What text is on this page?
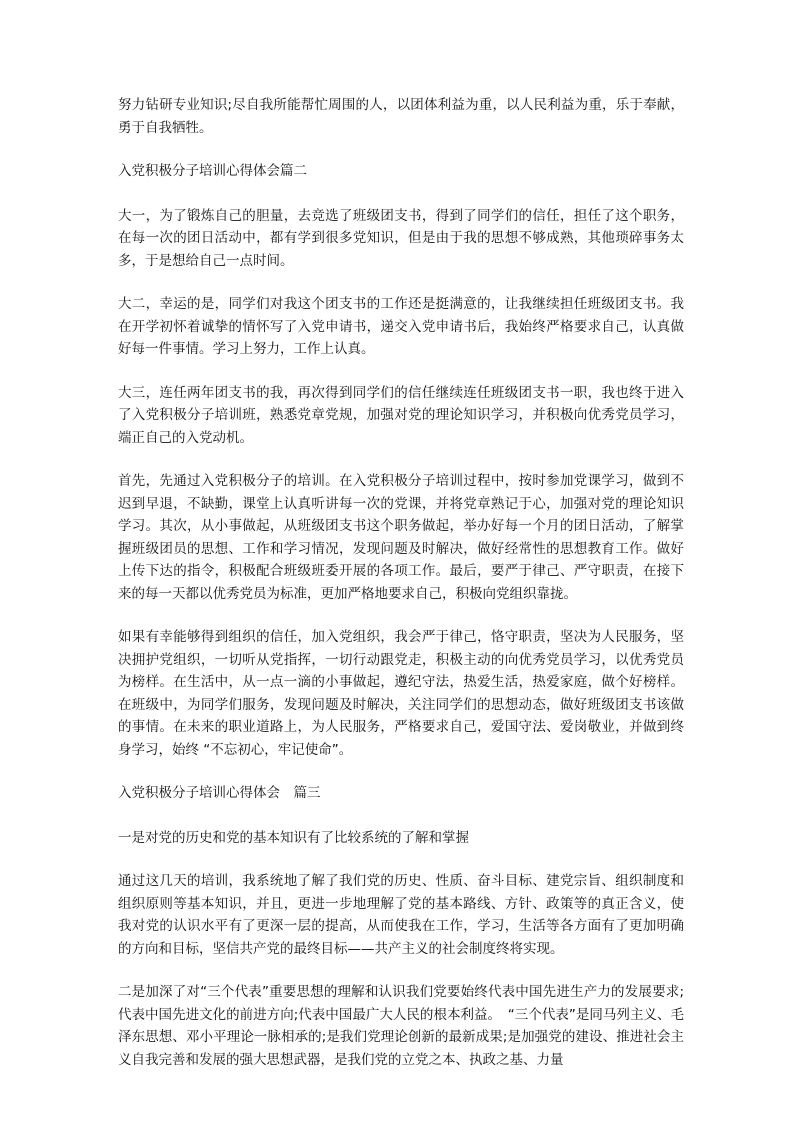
努力钻研专业知识;尽自我所能帮忙周围的人，以团体利益为重，以人民利益为重，乐于奉献，勇于自我牺牲。

入党积极分子培训心得体会篇二

大一，为了锻炼自己的胆量，去竞选了班级团支书，得到了同学们的信任，担任了这个职务，在每一次的团日活动中，都有学到很多党知识，但是由于我的思想不够成熟，其他琐碎事务太多，于是想给自己一点时间。

大二，幸运的是，同学们对我这个团支书的工作还是挺满意的，让我继续担任班级团支书。我在开学初怀着诚挚的情怀写了入党申请书，递交入党申请书后，我始终严格要求自己，认真做好每一件事情。学习上努力，工作上认真。

大三，连任两年团支书的我，再次得到同学们的信任继续连任班级团支书一职，我也终于进入了入党积极分子培训班，熟悉党章党规，加强对党的理论知识学习，并积极向优秀党员学习，端正自己的入党动机。

首先，先通过入党积极分子的培训。在入党积极分子培训过程中，按时参加党课学习，做到不迟到早退，不缺勤，课堂上认真听讲每一次的党课，并将党章熟记于心，加强对党的理论知识学习。其次，从小事做起，从班级团支书这个职务做起，举办好每一个月的团日活动，了解掌握班级团员的思想、工作和学习情况，发现问题及时解决，做好经常性的思想教育工作。做好上传下达的指令，积极配合班级班委开展的各项工作。最后，要严于律己、严守职责，在接下来的每一天都以优秀党员为标准，更加严格地要求自己，积极向党组织靠拢。

如果有幸能够得到组织的信任，加入党组织，我会严于律己，恪守职责，坚决为人民服务，坚决拥护党组织，一切听从党指挥，一切行动跟党走，积极主动的向优秀党员学习，以优秀党员为榜样。在生活中，从一点一滴的小事做起，遵纪守法，热爱生活，热爱家庭，做个好榜样。在班级中，为同学们服务，发现问题及时解决，关注同学们的思想动态，做好班级团支书该做的事情。在未来的职业道路上，为人民服务，严格要求自己，爱国守法、爱岗敬业，并做到终身学习，始终 “不忘初心，牢记使命”。

入党积极分子培训心得体会　篇三

一是对党的历史和党的基本知识有了比较系统的了解和掌握

通过这几天的培训，我系统地了解了我们党的历史、性质、奋斗目标、建党宗旨、组织制度和组织原则等基本知识，并且，更进一步地理解了党的基本路线、方针、政策等的真正含义，使我对党的认识水平有了更深一层的提高，从而使我在工作，学习，生活等各方面有了更加明确的方向和目标，坚信共产党的最终目标——共产主义的社会制度终将实现。

二是加深了对“三个代表”重要思想的理解和认识我们党要始终代表中国先进生产力的发展要求;代表中国先进文化的前进方向;代表中国最广大人民的根本利益。　“三个代表”是同马列主义、毛泽东思想、邓小平理论一脉相承的;是我们党理论创新的最新成果;是加强党的建设、推进社会主义自我完善和发展的强大思想武器，是我们党的立党之本、执政之基、力量
